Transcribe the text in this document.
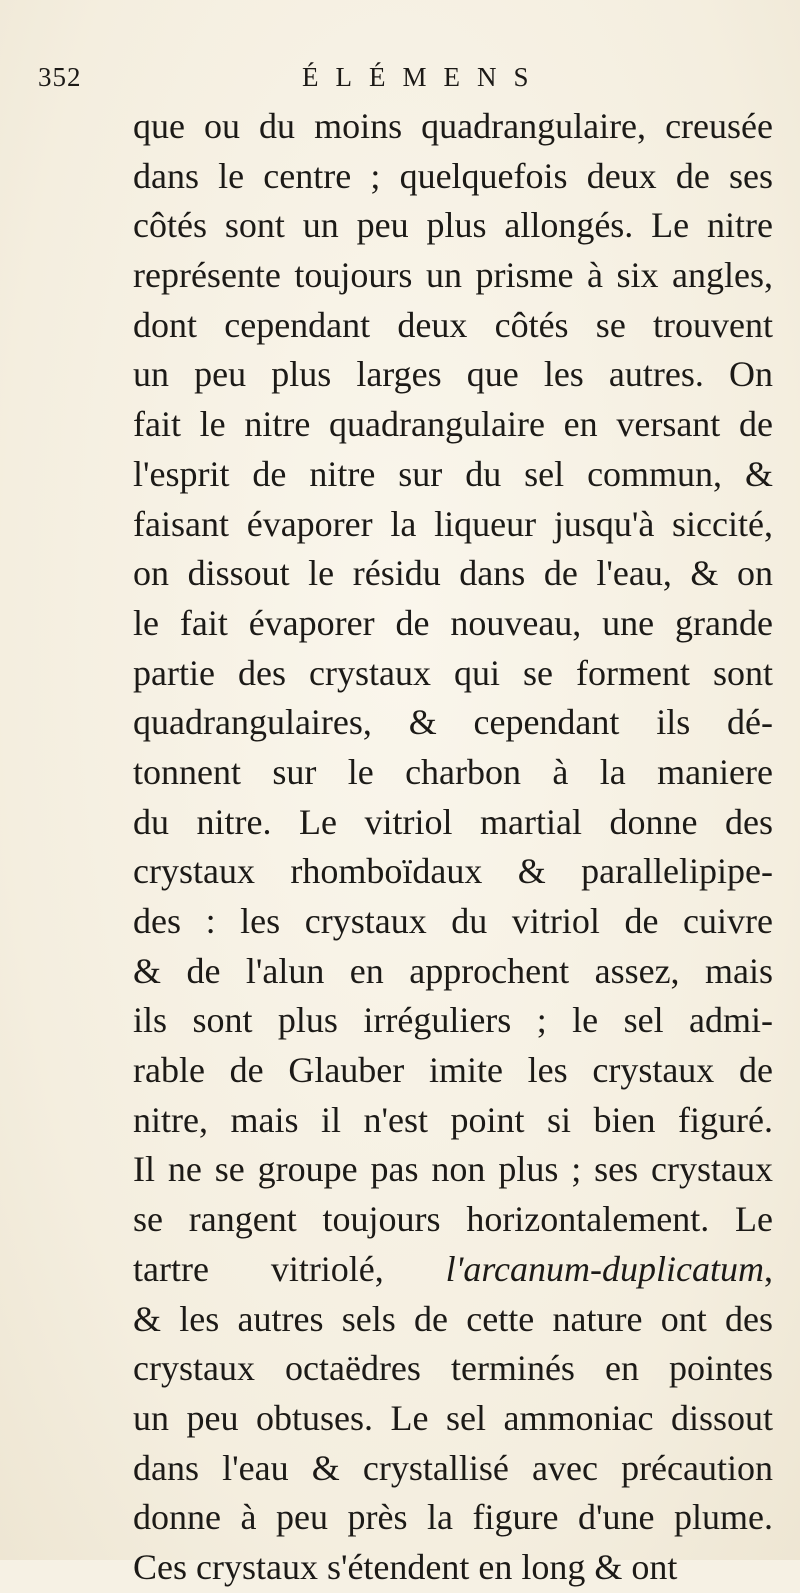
352	ÉLÉMENS
que ou du moins quadrangulaire, creusée
dans le centre ; quelquefois deux de ses
côtés sont un peu plus allongés. Le nitre
représente toujours un prisme à six angles,
dont cependant deux côtés se trouvent
un peu plus larges que les autres. On
fait le nitre quadrangulaire en versant de
l'esprit de nitre sur du sel commun, &
faisant évaporer la liqueur jusqu'à siccité,
on dissout le résidu dans de l'eau, & on
le fait évaporer de nouveau, une grande
partie des crystaux qui se forment sont
quadrangulaires, & cependant ils dé-
tonnent sur le charbon à la maniere
du nitre. Le vitriol martial donne des
crystaux rhomboïdaux & parallelipipe-
des : les crystaux du vitriol de cuivre
& de l'alun en approchent assez, mais
ils sont plus irréguliers ; le sel admi-
rable de Glauber imite les crystaux de
nitre, mais il n'est point si bien figuré.
Il ne se groupe pas non plus ; ses crystaux
se rangent toujours horizontalement. Le
tartre vitriolé, l'arcanum-duplicatum,
& les autres sels de cette nature ont des
crystaux octaëdres terminés en pointes
un peu obtuses. Le sel ammoniac dissout
dans l'eau & crystallisé avec précaution
donne à peu près la figure d'une plume.
Ces crystaux s'étendent en long & ont
